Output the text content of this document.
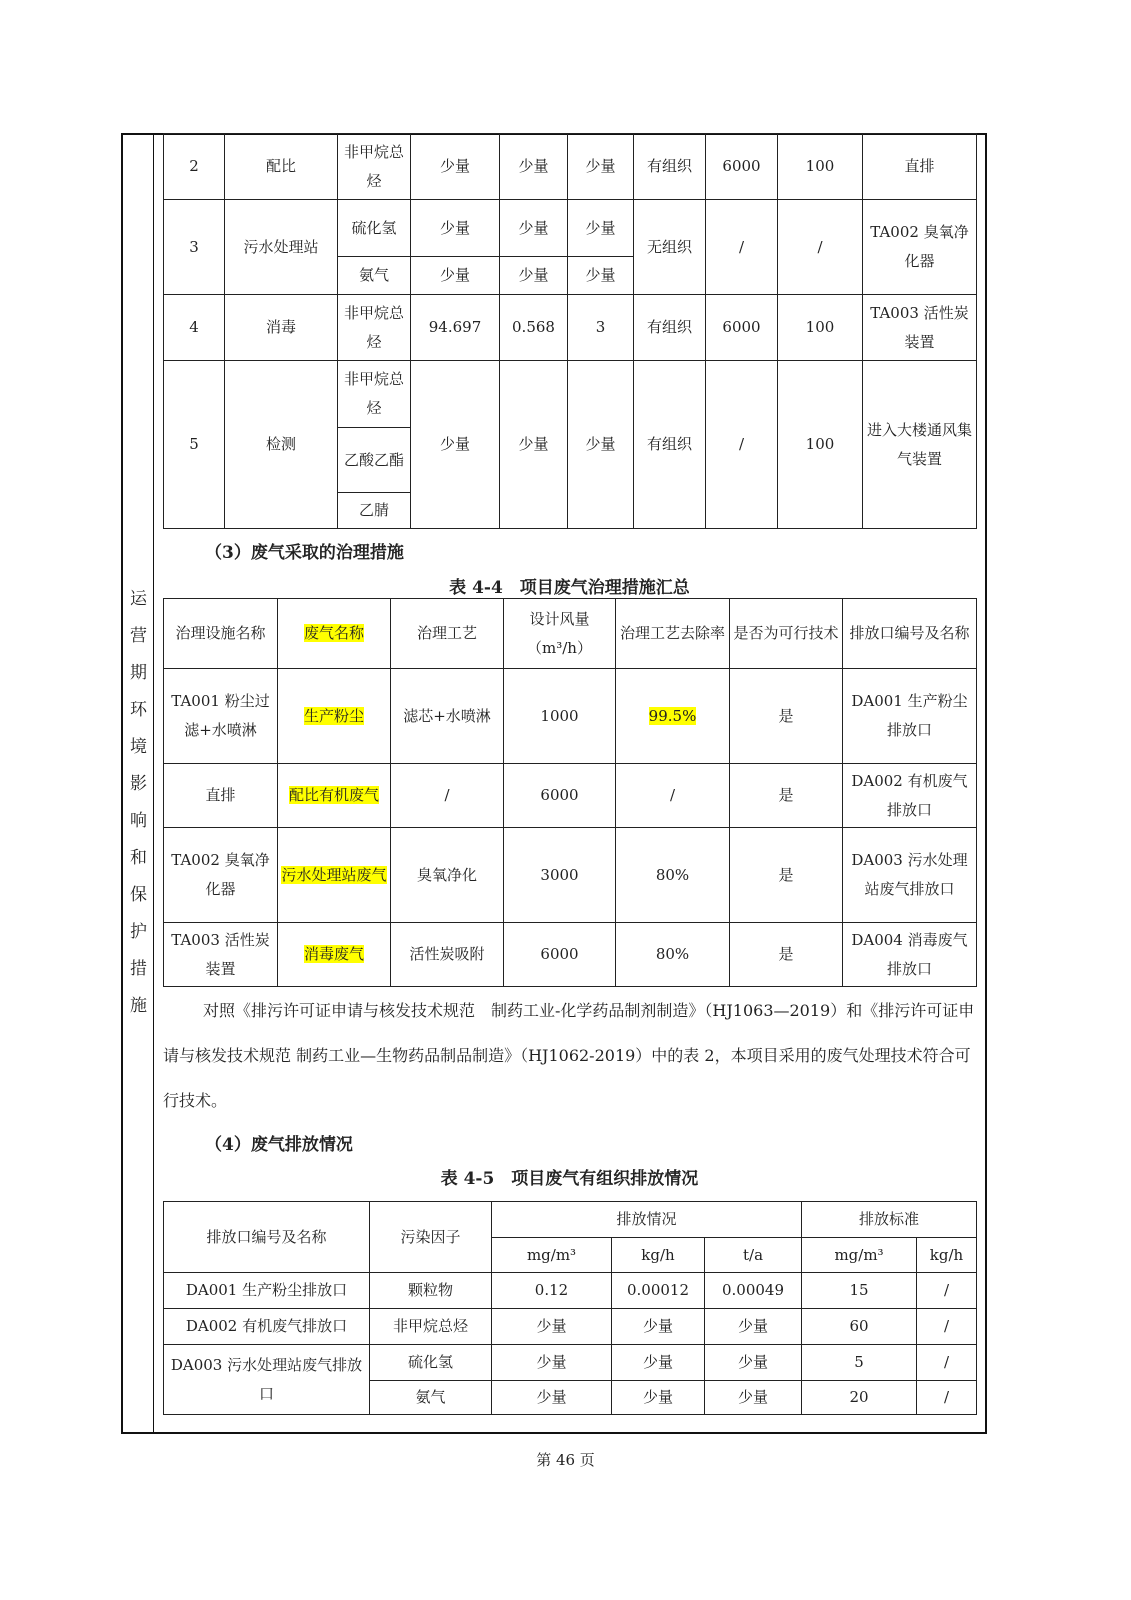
运
营
期
环
境
影
响
和
保
护
措
施
2	配比	非甲烷总烃	少量	少量	少量	有组织	6000	100	直排
3	污水处理站	硫化氢	少量	少量	少量	无组织	/	/	TA002 臭氧净化器
		氨气	少量	少量	少量				
4	消毒	非甲烷总烃	94.697	0.568	3	有组织	6000	100	TA003 活性炭装置
5	检测	非甲烷总烃	少量	少量	少量	有组织	/	100	进入大楼通风集气装置
		乙酸乙酯							
		乙腈							
（3）废气采取的治理措施
表 4-4　项目废气治理措施汇总
治理设施名称	废气名称	治理工艺	设计风量（m³/h）	治理工艺去除率	是否为可行技术	排放口编号及名称
TA001 粉尘过滤+水喷淋	生产粉尘	滤芯+水喷淋	1000	99.5%	是	DA001 生产粉尘排放口
直排	配比有机废气	/	6000	/	是	DA002 有机废气排放口
TA002 臭氧净化器	污水处理站废气	臭氧净化	3000	80%	是	DA003 污水处理站废气排放口
TA003 活性炭装置	消毒废气	活性炭吸附	6000	80%	是	DA004 消毒废气排放口
对照《排污许可证申请与核发技术规范　制药工业-化学药品制剂制造》（HJ1063—2019）和《排污许可证申请与核发技术规范 制药工业—生物药品制品制造》（HJ1062-2019）中的表 2，本项目采用的废气处理技术符合可行技术。
（4）废气排放情况
表 4-5　项目废气有组织排放情况
排放口编号及名称	污染因子	排放情况			排放标准	
		mg/m³	kg/h	t/a	mg/m³	kg/h
DA001 生产粉尘排放口	颗粒物	0.12	0.00012	0.00049	15	/
DA002 有机废气排放口	非甲烷总烃	少量	少量	少量	60	/
DA003 污水处理站废气排放口	硫化氢	少量	少量	少量	5	/
	氨气	少量	少量	少量	20	/
第 46 页
